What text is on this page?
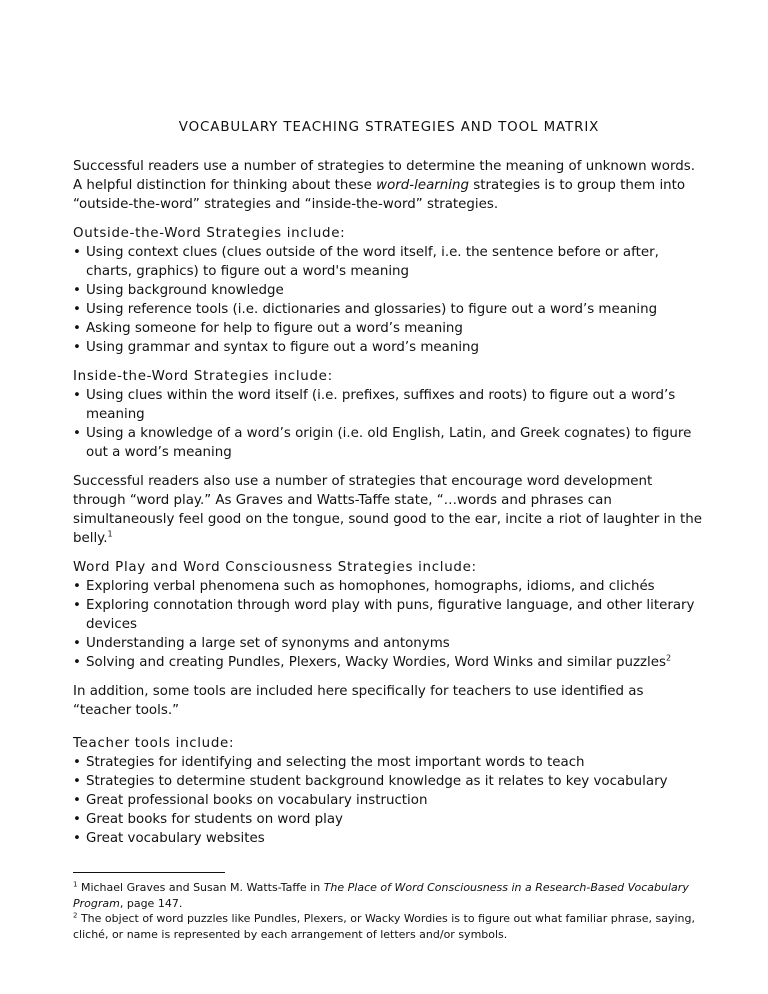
VOCABULARY TEACHING STRATEGIES AND TOOL MATRIX

Successful readers use a number of strategies to determine the meaning of unknown words. A helpful distinction for thinking about these word-learning strategies is to group them into “outside-the-word” strategies and “inside-the-word” strategies.

Outside-the-Word Strategies include:
• Using context clues (clues outside of the word itself, i.e. the sentence before or after, charts, graphics) to figure out a word's meaning
• Using background knowledge
• Using reference tools (i.e. dictionaries and glossaries) to figure out a word’s meaning
• Asking someone for help to figure out a word’s meaning
• Using grammar and syntax to figure out a word’s meaning
Inside-the-Word Strategies include:
• Using clues within the word itself (i.e. prefixes, suffixes and roots) to figure out a word’s meaning
• Using a knowledge of a word’s origin (i.e. old English, Latin, and Greek cognates) to figure out a word’s meaning

Successful readers also use a number of strategies that encourage word development through “word play.” As Graves and Watts-Taffe state, “…words and phrases can simultaneously feel good on the tongue, sound good to the ear, incite a riot of laughter in the belly.$^1$

Word Play and Word Consciousness Strategies include:
• Exploring verbal phenomena such as homophones, homographs, idioms, and clichés
• Exploring connotation through word play with puns, figurative language, and other literary devices
• Understanding a large set of synonyms and antonyms
• Solving and creating Pundles, Plexers, Wacky Wordies, Word Winks and similar puzzles$^2$

In addition, some tools are included here specifically for teachers to use identified as “teacher tools.”

Teacher tools include:
• Strategies for identifying and selecting the most important words to teach
• Strategies to determine student background knowledge as it relates to key vocabulary
• Great professional books on vocabulary instruction
• Great books for students on word play
• Great vocabulary websites

$^1$ Michael Graves and Susan M. Watts-Taffe in The Place of Word Consciousness in a Research-Based Vocabulary Program, page 147.

$^2$ The object of word puzzles like Pundles, Plexers, or Wacky Wordies is to figure out what familiar phrase, saying, cliché, or name is represented by each arrangement of letters and/or symbols.
